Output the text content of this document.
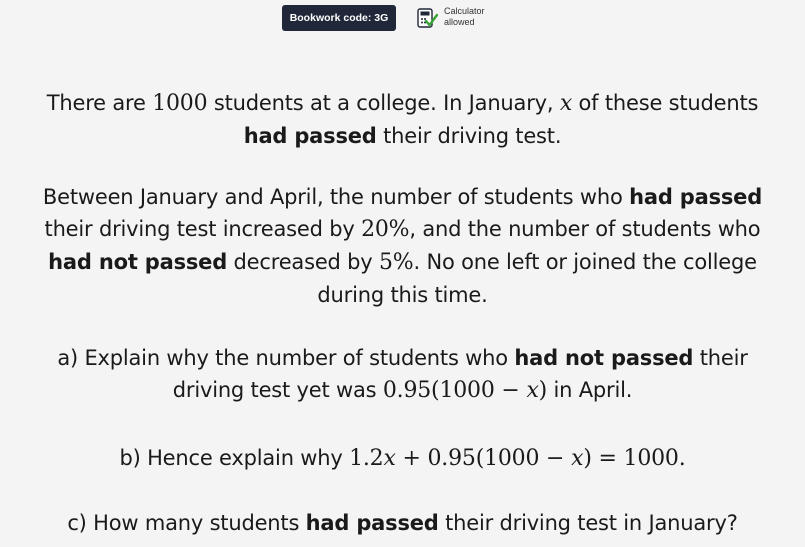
Bookwork code: 3G
Calculator
allowed
There are 1000 students at a college. In January, x of these students
had passed their driving test.
Between January and April, the number of students who had passed
their driving test increased by 20%, and the number of students who
had not passed decreased by 5%. No one left or joined the college
during this time.
a) Explain why the number of students who had not passed their
driving test yet was 0.95(1000 − x) in April.
b) Hence explain why 1.2x + 0.95(1000 − x) = 1000.
c) How many students had passed their driving test in January?
